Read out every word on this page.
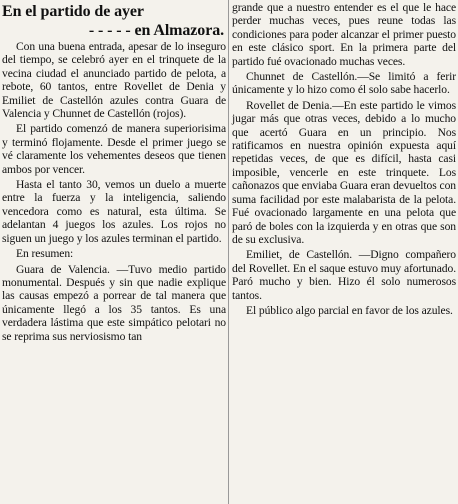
En el partido de ayer
- - - - - en Almazora.

Con una buena entrada, apesar de lo inseguro del tiempo, se celebró ayer en el trinquete de la vecina ciudad el anunciado partido de pelota, a rebote, 60 tantos, entre Rovellet de Denia y Emiliet de Castellón azules contra Guara de Valencia y Chunnet de Castellón (rojos).

El partido comenzó de manera superiorisima y terminó flojamente. Desde el primer juego se vé claramente los vehementes deseos que tienen ambos por vencer.

Hasta el tanto 30, vemos un duelo a muerte entre la fuerza y la inteligencia, saliendo vencedora como es natural, esta última. Se adelantan 4 juegos los azules. Los rojos no siguen un juego y los azules terminan el partido.

En resumen:

Guara de Valencia. —Tuvo medio partido monumental. Después y sin que nadie explique las causas empezó a porrear de tal manera que únicamente llegó a los 35 tantos. Es una verdadera lástima que este simpático pelotari no se reprima sus nerviosismo tan

grande que a nuestro entender es el que le hace perder muchas veces, pues reune todas las condiciones para poder alcanzar el primer puesto en este clásico sport. En la primera parte del partido fué ovacionado muchas veces.

Chunnet de Castellón.—Se limitó a ferir únicamente y lo hizo como él solo sabe hacerlo.

Rovellet de Denia.—En este partido le vimos jugar más que otras veces, debido a lo mucho que acertó Guara en un principio. Nos ratificamos en nuestra opinión expuesta aquí repetidas veces, de que es difícil, hasta casi imposible, vencerle en este trinquete. Los cañonazos que enviaba Guara eran devueltos con suma facilidad por este malabarista de la pelota. Fué ovacionado largamente en una pelota que paró de boles con la izquierda y en otras que son de su exclusiva.

Emiliet, de Castellón. —Digno compañero del Rovellet. En el saque estuvo muy afortunado. Paró mucho y bien. Hizo él solo numerosos tantos.

El público algo parcial en favor de los azules.
